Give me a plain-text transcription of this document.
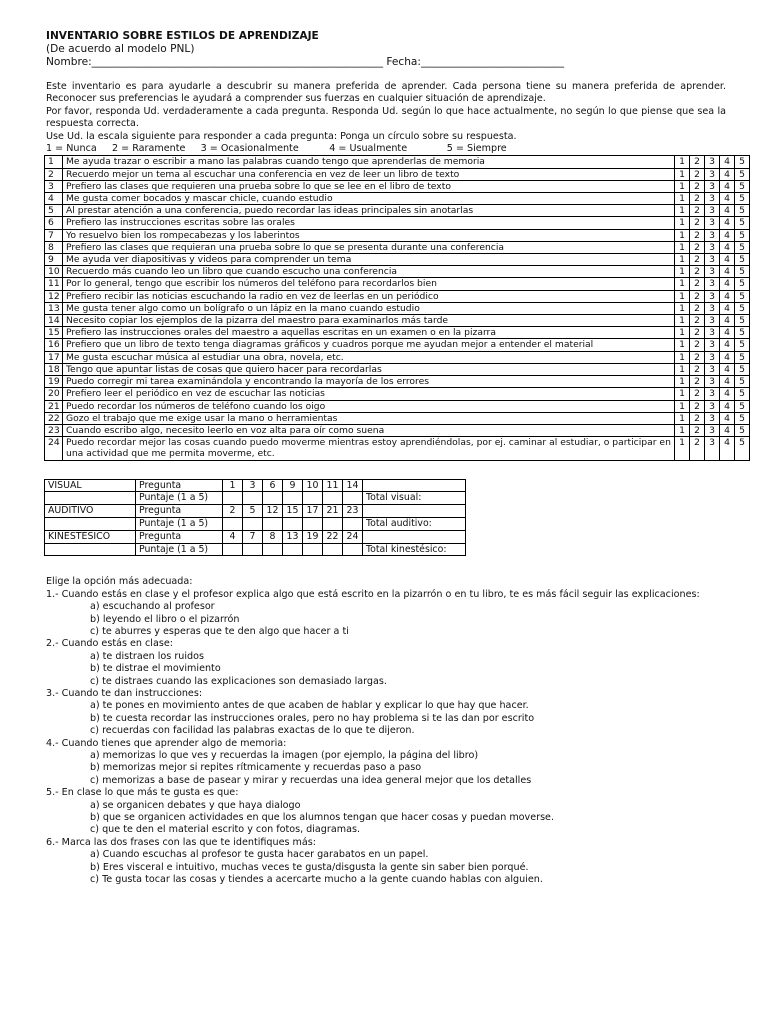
INVENTARIO SOBRE ESTILOS DE APRENDIZAJE
(De acuerdo al modelo PNL)
Nombre:_______________________________________________________ Fecha:___________________________

Este inventario es para ayudarle a descubrir su manera preferida de aprender. Cada persona tiene su manera preferida de aprender. Reconocer sus preferencias le ayudará a comprender sus fuerzas en cualquier situación de aprendizaje.

Por favor, responda Ud. verdaderamente a cada pregunta. Responda Ud. según lo que hace actualmente, no según lo que piense que sea la respuesta correcta.

Use Ud. la escala siguiente para responder a cada pregunta: Ponga un círculo sobre su respuesta.

1 = Nunca     2 = Raramente     3 = Ocasionalmente          4 = Usualmente             5 = Siempre
1	Me ayuda trazar o escribir a mano las palabras cuando tengo que aprenderlas de memoria	1	2	3	4	5
2	Recuerdo mejor un tema al escuchar una conferencia en vez de leer un libro de texto	1	2	3	4	5
3	Prefiero las clases que requieren una prueba sobre lo que se lee en el libro de texto	1	2	3	4	5
4	Me gusta comer bocados y mascar chicle, cuando estudio	1	2	3	4	5
5	Al prestar atención a una conferencia, puedo recordar las ideas principales sin anotarlas	1	2	3	4	5
6	Prefiero las instrucciones escritas sobre las orales	1	2	3	4	5
7	Yo resuelvo bien los rompecabezas y los laberintos	1	2	3	4	5
8	Prefiero las clases que requieran una prueba sobre lo que se presenta durante una conferencia	1	2	3	4	5
9	Me ayuda ver diapositivas y videos para comprender un tema	1	2	3	4	5
10	Recuerdo más cuando leo un libro que cuando escucho una conferencia	1	2	3	4	5
11	Por lo general, tengo que escribir los números del teléfono para recordarlos bien	1	2	3	4	5
12	Prefiero recibir las noticias escuchando la radio en vez de leerlas en un periódico	1	2	3	4	5
13	Me gusta tener algo como un bolígrafo o un lápiz en la mano cuando estudio	1	2	3	4	5
14	Necesito copiar los ejemplos de la pizarra del maestro para examinarlos más tarde	1	2	3	4	5
15	Prefiero las instrucciones orales del maestro a aquellas escritas en un examen o en la pizarra	1	2	3	4	5
16	Prefiero que un libro de texto tenga diagramas gráficos y cuadros porque me ayudan mejor a entender el material	1	2	3	4	5
17	Me gusta escuchar música al estudiar una obra, novela, etc.	1	2	3	4	5
18	Tengo que apuntar listas de cosas que quiero hacer para recordarlas	1	2	3	4	5
19	Puedo corregir mi tarea examinándola y encontrando la mayoría de los errores	1	2	3	4	5
20	Prefiero leer el periódico en vez de escuchar las noticias	1	2	3	4	5
21	Puedo recordar los números de teléfono cuando los oigo	1	2	3	4	5
22	Gozo el trabajo que me exige usar la mano o herramientas	1	2	3	4	5
23	Cuando escribo algo, necesito leerlo en voz alta para oír como suena	1	2	3	4	5
24	Puedo recordar mejor las cosas cuando puedo moverme mientras estoy aprendiéndolas, por ej. caminar al estudiar, o participar en una actividad que me permita moverme, etc.	1	2	3	4	5
VISUAL	Pregunta	1	3	6	9	10	11	14	
	Puntaje (1 a 5)								Total visual:
AUDITIVO	Pregunta	2	5	12	15	17	21	23	
	Puntaje (1 a 5)								Total auditivo:
KINESTESICO	Pregunta	4	7	8	13	19	22	24	
	Puntaje (1 a 5)								Total kinestésico:

Elige la opción más adecuada:

1.- Cuando estás en clase y el profesor explica algo que está escrito en la pizarrón o en tu libro, te es más fácil seguir las explicaciones:

a) escuchando al profesor

b) leyendo el libro o el pizarrón

c) te aburres y esperas que te den algo que hacer a ti

2.- Cuando estás en clase:

a) te distraen los ruidos

b) te distrae el movimiento

c) te distraes cuando las explicaciones son demasiado largas.

3.- Cuando te dan instrucciones:

a) te pones en movimiento antes de que acaben de hablar y explicar lo que hay que hacer.

b) te cuesta recordar las instrucciones orales, pero no hay problema si te las dan por escrito

c) recuerdas con facilidad las palabras exactas de lo que te dijeron.

4.- Cuando tienes que aprender algo de memoria:

a) memorizas lo que ves y recuerdas la imagen (por ejemplo, la página del libro)

b) memorizas mejor si repites rítmicamente y recuerdas paso a paso

c) memorizas a base de pasear y mirar y recuerdas una idea general mejor que los detalles

5.- En clase lo que más te gusta es que:

a) se organicen debates y que haya dialogo

b) que se organicen actividades en que los alumnos tengan que hacer cosas y puedan moverse.

c) que te den el material escrito y con fotos, diagramas.

6.- Marca las dos frases con las que te identifiques más:

a) Cuando escuchas al profesor te gusta hacer garabatos en un papel.

b) Eres visceral e intuitivo, muchas veces te gusta/disgusta la gente sin saber bien porqué.

c) Te gusta tocar las cosas y tiendes a acercarte mucho a la gente cuando hablas con alguien.
